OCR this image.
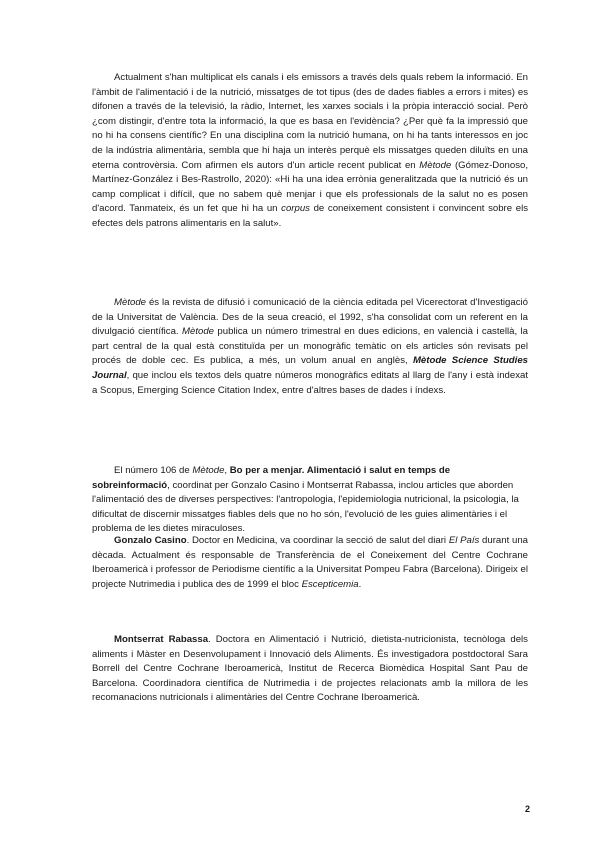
Actualment s'han multiplicat els canals i els emissors a través dels quals rebem la informació. En l'àmbit de l'alimentació i de la nutrició, missatges de tot tipus (des de dades fiables a errors i mites) es difonen a través de la televisió, la ràdio, Internet, les xarxes socials i la pròpia interacció social. Però ¿com distingir, d'entre tota la informació, la que es basa en l'evidència? ¿Per què fa la impressió que no hi ha consens científic? En una disciplina com la nutrició humana, on hi ha tants interessos en joc de la indústria alimentària, sembla que hi haja un interès perquè els missatges queden diluïts en una eterna controvèrsia. Com afirmen els autors d'un article recent publicat en Mètode (Gómez-Donoso, Martínez-González i Bes-Rastrollo, 2020): «Hi ha una idea errònia generalitzada que la nutrició és un camp complicat i difícil, que no sabem què menjar i que els professionals de la salut no es posen d'acord. Tanmateix, és un fet que hi ha un corpus de coneixement consistent i convincent sobre els efectes dels patrons alimentaris en la salut».

Mètode és la revista de difusió i comunicació de la ciència editada pel Vicerectorat d'Investigació de la Universitat de València. Des de la seua creació, el 1992, s'ha consolidat com un referent en la divulgació científica. Mètode publica un número trimestral en dues edicions, en valencià i castellà, la part central de la qual està constituïda per un monogràfic temàtic on els articles són revisats pel procés de doble cec. Es publica, a més, un volum anual en anglès, Mètode Science Studies Journal, que inclou els textos dels quatre números monogràfics editats al llarg de l'any i està indexat a Scopus, Emerging Science Citation Index, entre d'altres bases de dades i índexs.

El número 106 de Mètode, Bo per a menjar. Alimentació i salut en temps de sobreinformació, coordinat per Gonzalo Casino i Montserrat Rabassa, inclou articles que aborden l'alimentació des de diverses perspectives: l'antropologia, l'epidemiologia nutricional, la psicologia, la dificultat de discernir missatges fiables dels que no ho són, l'evolució de les guies alimentàries i el problema de les dietes miraculoses.

Gonzalo Casino. Doctor en Medicina, va coordinar la secció de salut del diari El País durant una dècada. Actualment és responsable de Transferència de el Coneixement del Centre Cochrane Iberoamericà i professor de Periodisme científic a la Universitat Pompeu Fabra (Barcelona). Dirigeix el projecte Nutrimedia i publica des de 1999 el bloc Escepticemia.

Montserrat Rabassa. Doctora en Alimentació i Nutrició, dietista-nutricionista, tecnòloga dels aliments i Màster en Desenvolupament i Innovació dels Aliments. És investigadora postdoctoral Sara Borrell del Centre Cochrane Iberoamericà, Institut de Recerca Biomèdica Hospital Sant Pau de Barcelona. Coordinadora científica de Nutrimedia i de projectes relacionats amb la millora de les recomanacions nutricionals i alimentàries del Centre Cochrane Iberoamericà.

2
